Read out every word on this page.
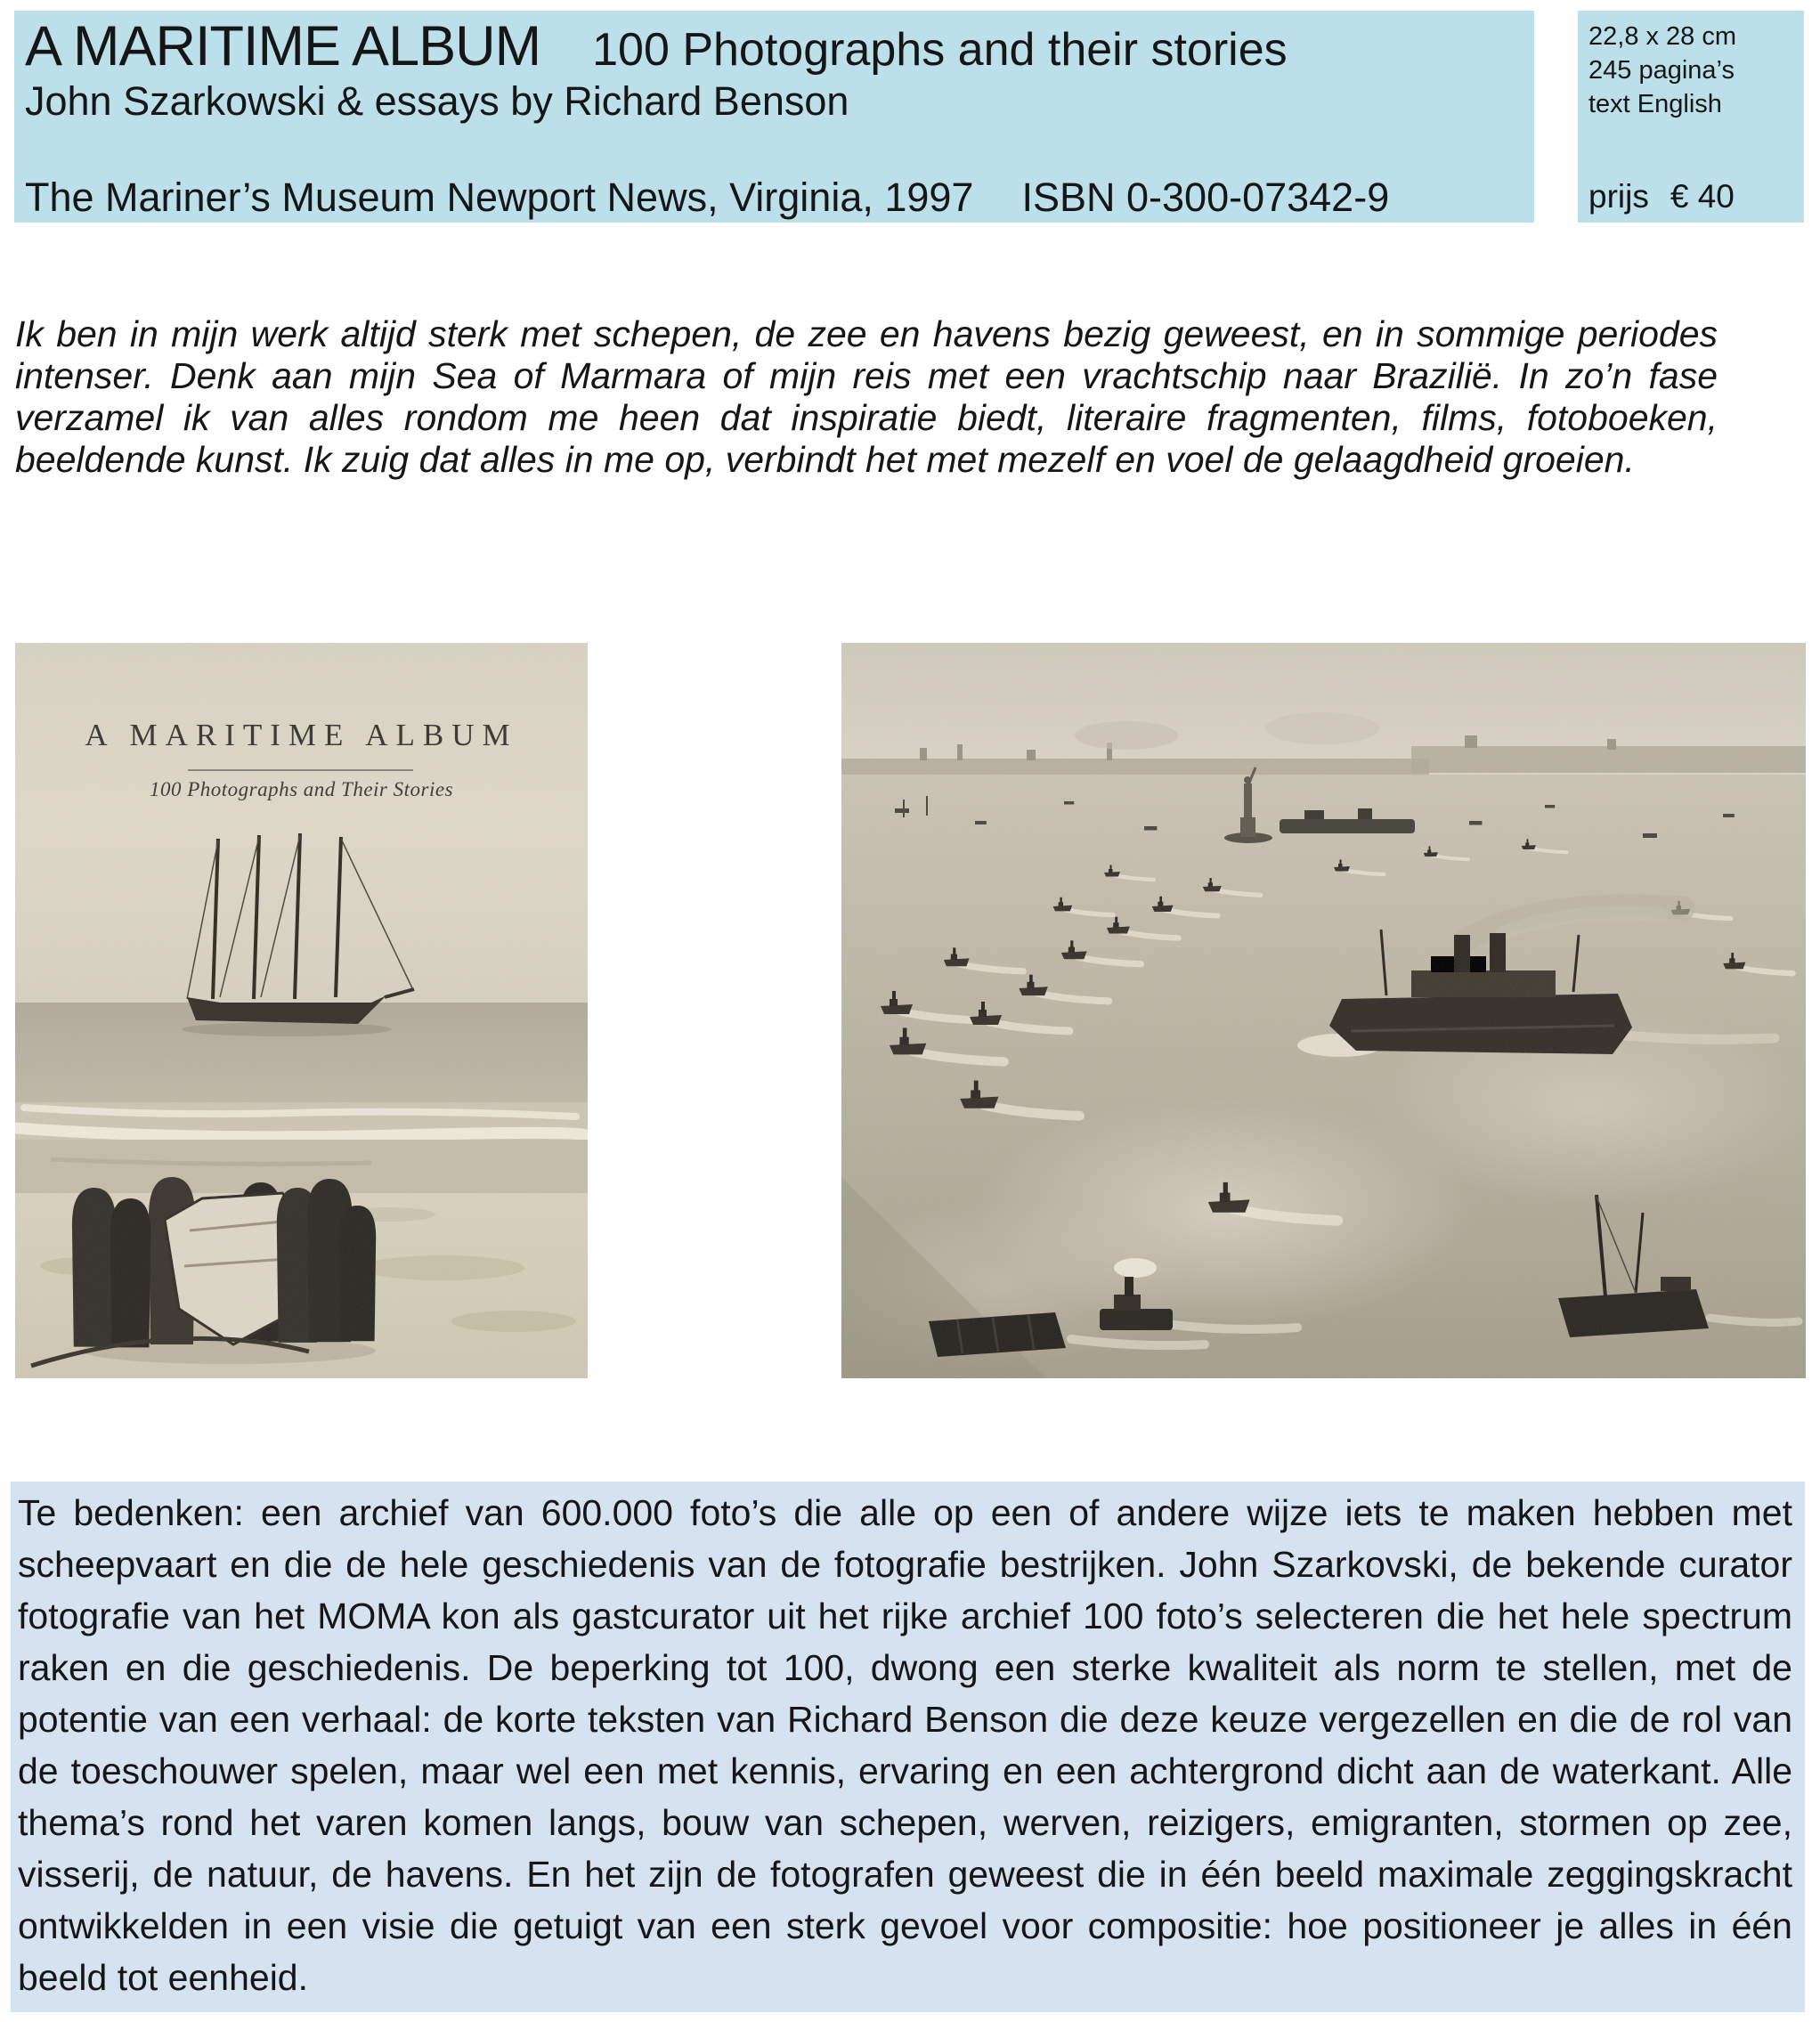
A MARITIME ALBUM 100 Photographs and their stories
John Szarkowski & essays by Richard Benson
The Mariner’s Museum Newport News, Virginia, 1997 ISBN 0-300-07342-9
22,8 x 28 cm
245 pagina’s
text English
prijs € 40

Ik ben in mijn werk altijd sterk met schepen, de zee en havens bezig geweest, en in sommige periodes intenser. Denk aan mijn Sea of Marmara of mijn reis met een vrachtschip naar Brazilië. In zo’n fase verzamel ik van alles rondom me heen dat inspiratie biedt, literaire fragmenten, films, fotoboeken, beeldende kunst. Ik zuig dat alles in me op, verbindt het met mezelf en voel de gelaagdheid groeien.

A MARITIME ALBUM
100 Photographs and Their Stories

Te bedenken: een archief van 600.000 foto’s die alle op een of andere wijze iets te maken hebben met scheepvaart en die de hele geschiedenis van de fotografie bestrijken. John Szarkovski, de bekende curator fotografie van het MOMA kon als gastcurator uit het rijke archief 100 foto’s selecteren die het hele spectrum raken en die geschiedenis. De beperking tot 100, dwong een sterke kwaliteit als norm te stellen, met de potentie van een verhaal: de korte teksten van Richard Benson die deze keuze vergezellen en die de rol van de toeschouwer spelen, maar wel een met kennis, ervaring en een achtergrond dicht aan de waterkant. Alle thema’s rond het varen komen langs, bouw van schepen, werven, reizigers, emigranten, stormen op zee, visserij, de natuur, de havens. En het zijn de fotografen geweest die in één beeld maximale zeggingskracht ontwikkelden in een visie die getuigt van een sterk gevoel voor compositie: hoe positioneer je alles in één beeld tot eenheid.
